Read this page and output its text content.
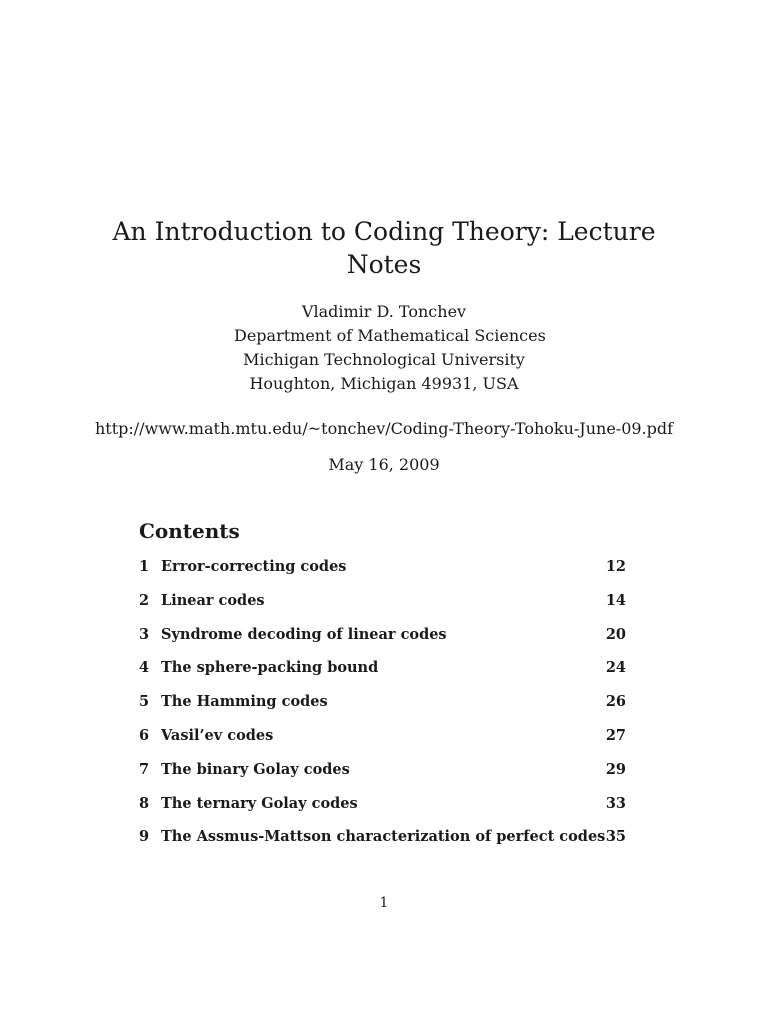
An Introduction to Coding Theory: Lecture Notes
Vladimir D. Tonchev
Department of Mathematical Sciences
Michigan Technological University
Houghton, Michigan 49931, USA
http://www.math.mtu.edu/~tonchev/Coding-Theory-Tohoku-June-09.pdf
May 16, 2009
Contents
1 Error-correcting codes	12
2 Linear codes	14
3 Syndrome decoding of linear codes	20
4 The sphere-packing bound	24
5 The Hamming codes	26
6 Vasil’ev codes	27
7 The binary Golay codes	29
8 The ternary Golay codes	33
9 The Assmus-Mattson characterization of perfect codes 35
1
